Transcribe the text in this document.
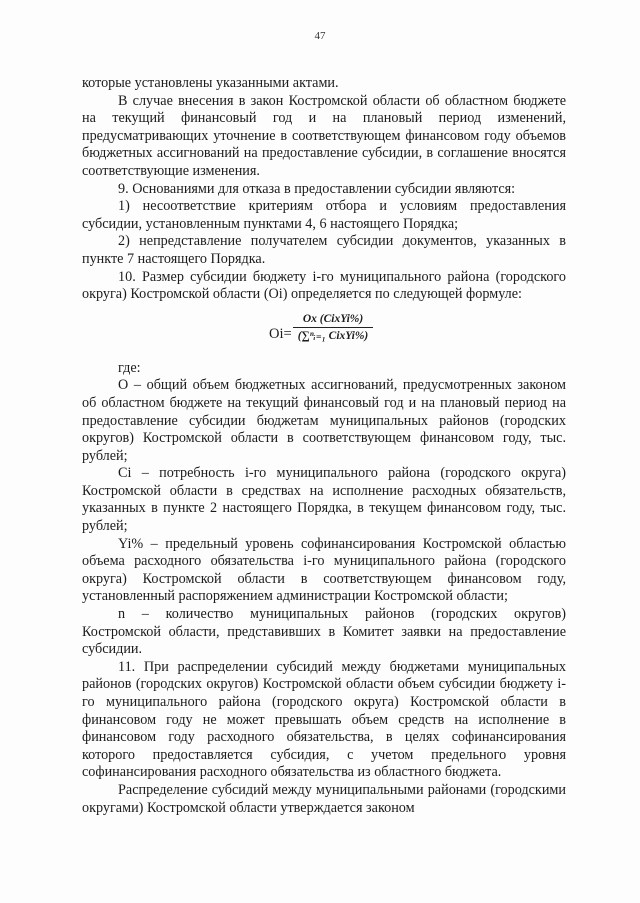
47

которые установлены указанными актами.

В случае внесения в закон Костромской области об областном бюджете на текущий финансовый год и на плановый период изменений, предусматривающих уточнение в соответствующем финансовом году объемов бюджетных ассигнований на предоставление субсидии, в соглашение вносятся соответствующие изменения.

9. Основаниями для отказа в предоставлении субсидии являются:

1) несоответствие критериям отбора и условиям предоставления субсидии, установленным пунктами 4, 6 настоящего Порядка;

2) непредставление получателем субсидии документов, указанных в пункте 7 настоящего Порядка.

10. Размер субсидии бюджету i-го муниципального района (городского округа) Костромской области (Oi) определяется по следующей формуле:

Oi=
Ox (CixYi%)
(∑ⁿᵢ₌₁ CixYi%)

где:

O – общий объем бюджетных ассигнований, предусмотренных законом об областном бюджете на текущий финансовый год и на плановый период на предоставление субсидии бюджетам муниципальных районов (городских округов) Костромской области в соответствующем финансовом году, тыс. рублей;

Ci – потребность i-го муниципального района (городского округа) Костромской области в средствах на исполнение расходных обязательств, указанных в пункте 2 настоящего Порядка, в текущем финансовом году, тыс. рублей;

Yi% – предельный уровень софинансирования Костромской областью объема расходного обязательства i-го муниципального района (городского округа) Костромской области в соответствующем финансовом году, установленный распоряжением администрации Костромской области;

n – количество муниципальных районов (городских округов) Костромской области, представивших в Комитет заявки на предоставление субсидии.

11. При распределении субсидий между бюджетами муниципальных районов (городских округов) Костромской области объем субсидии бюджету i-го муниципального района (городского округа) Костромской области в финансовом году не может превышать объем средств на исполнение в финансовом году расходного обязательства, в целях софинансирования которого предоставляется субсидия, с учетом предельного уровня софинансирования расходного обязательства из областного бюджета.

Распределение субсидий между муниципальными районами (городскими округами) Костромской области утверждается законом
